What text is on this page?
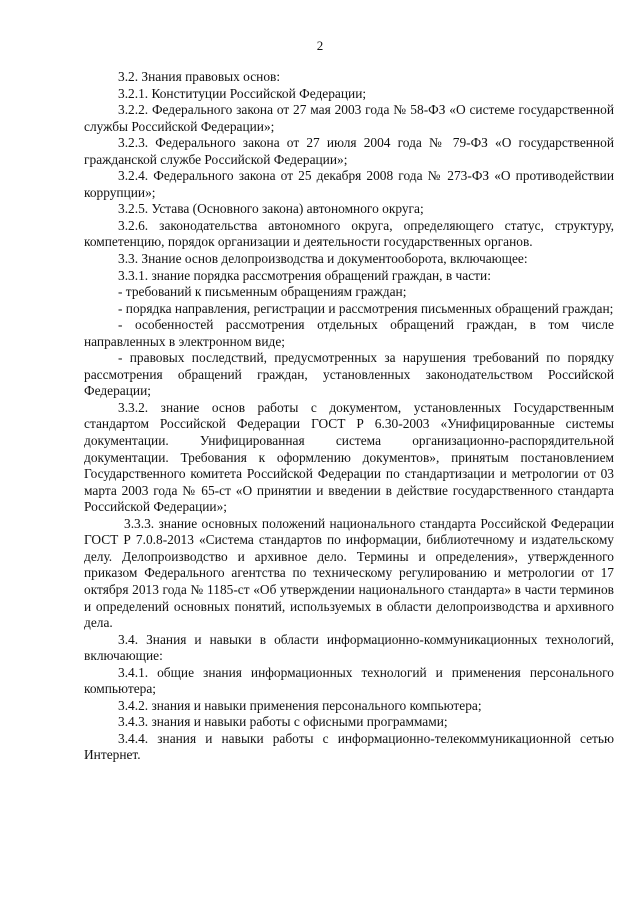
2

3.2. Знания правовых основ:

3.2.1. Конституции Российской Федерации;

3.2.2. Федерального закона от 27 мая 2003 года № 58-ФЗ «О системе государственной службы Российской Федерации»;

3.2.3. Федерального закона от 27 июля 2004 года № 79-ФЗ «О государственной гражданской службе Российской Федерации»;

3.2.4. Федерального закона от 25 декабря 2008 года № 273-ФЗ «О противодействии коррупции»;

3.2.5. Устава (Основного закона) автономного округа;

3.2.6. законодательства автономного округа, определяющего статус, структуру, компетенцию, порядок организации и деятельности государственных органов.

3.3. Знание основ делопроизводства и документооборота, включающее:

3.3.1. знание порядка рассмотрения обращений граждан, в части:

- требований к письменным обращениям граждан;

- порядка направления, регистрации и рассмотрения письменных обращений граждан;

- особенностей рассмотрения отдельных обращений граждан, в том числе направленных в электронном виде;

- правовых последствий, предусмотренных за нарушения требований по порядку рассмотрения обращений граждан, установленных законодательством Российской Федерации;

3.3.2. знание основ работы с документом, установленных Государственным стандартом Российской Федерации ГОСТ Р 6.30-2003 «Унифицированные системы документации. Унифицированная система организационно-распорядительной документации. Требования к оформлению документов», принятым постановлением Государственного комитета Российской Федерации по стандартизации и метрологии от 03 марта 2003 года № 65-ст «О принятии и введении в действие государственного стандарта Российской Федерации»;

3.3.3. знание основных положений национального стандарта Российской Федерации ГОСТ Р 7.0.8-2013 «Система стандартов по информации, библиотечному и издательскому делу. Делопроизводство и архивное дело. Термины и определения», утвержденного приказом Федерального агентства по техническому регулированию и метрологии от 17 октября 2013 года № 1185-ст «Об утверждении национального стандарта» в части терминов и определений основных понятий, используемых в области делопроизводства и архивного дела.

3.4. Знания и навыки в области информационно-коммуникационных технологий, включающие:

3.4.1. общие знания информационных технологий и применения персонального компьютера;

3.4.2. знания и навыки применения персонального компьютера;

3.4.3. знания и навыки работы с офисными программами;

3.4.4. знания и навыки работы с информационно-телекоммуникационной сетью Интернет.
